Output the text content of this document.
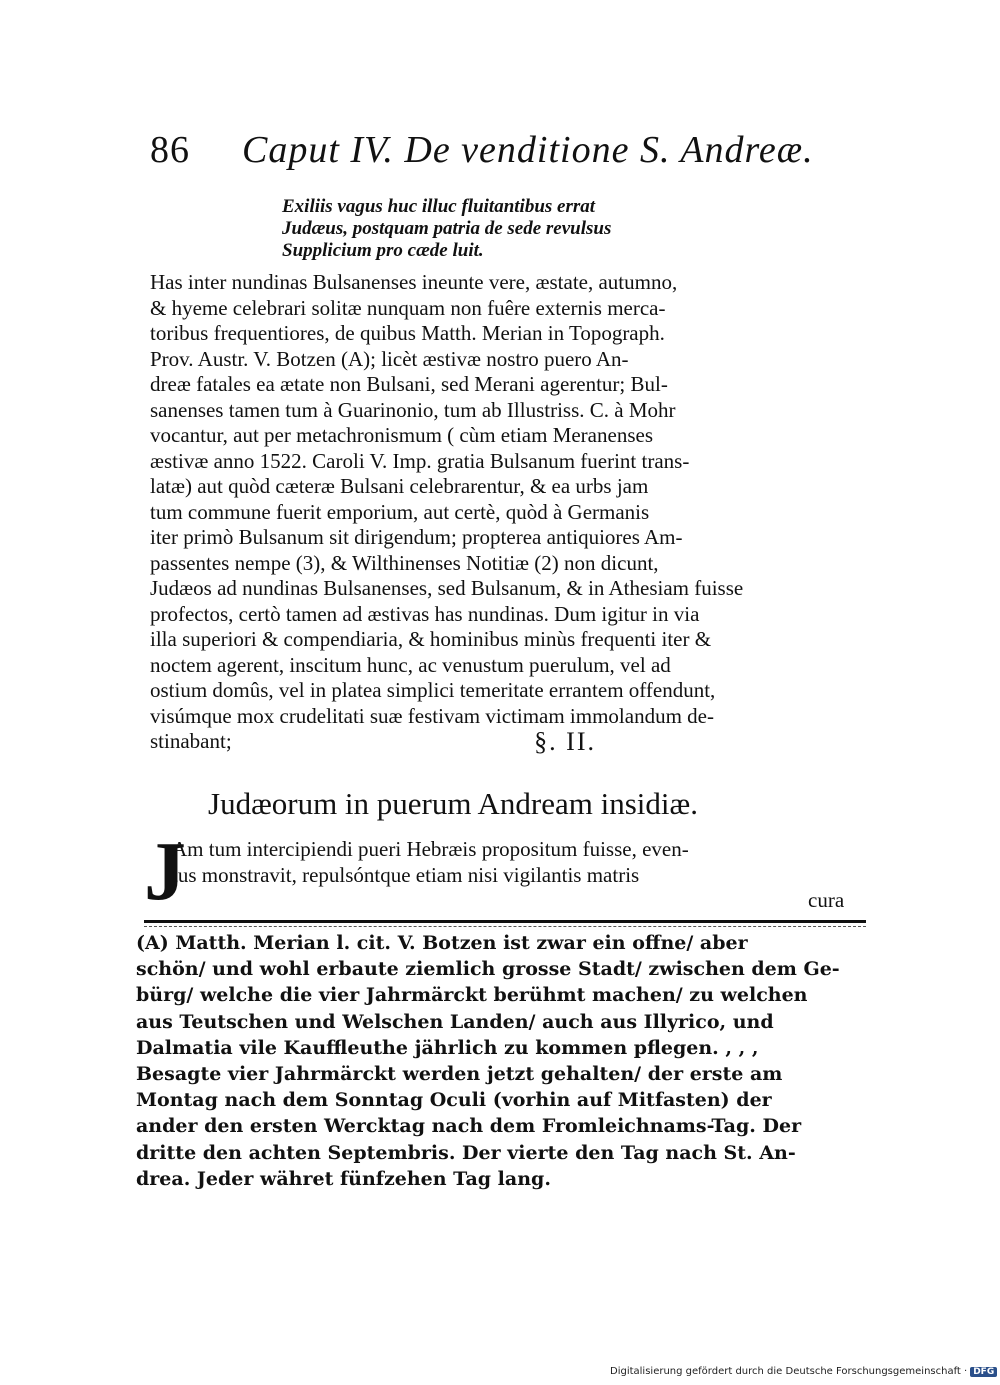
86 Caput IV. De venditione S. Andreæ.
Exiliis vagus huc illuc fluitantibus errat
Judæus, postquam patria de sede revulsus
Supplicium pro cæde luit.
Has inter nundinas Bulsanenses ineunte vere, æstate, autumno,
& hyeme celebrari solitæ nunquam non fuêre externis merca-
toribus frequentiores, de quibus Matth. Merian in Topograph.
Prov. Austr. V. Botzen (A); licèt æstivæ nostro puero An-
dreæ fatales ea ætate non Bulsani, sed Merani agerentur; Bul-
sanenses tamen tum à Guarinonio, tum ab Illustriss. C. à Mohr
vocantur, aut per metachronismum ( cùm etiam Meranenses
æstivæ anno 1522. Caroli V. Imp. gratia Bulsanum fuerint trans-
latæ) aut quòd cæteræ Bulsani celebrarentur, & ea urbs jam
tum commune fuerit emporium, aut certè, quòd à Germanis
iter primò Bulsanum sit dirigendum; propterea antiquiores Am-
passentes nempe (3), & Wilthinenses Notitiæ (2) non dicunt,
Judæos ad nundinas Bulsanenses, sed Bulsanum, & in Athesiam fuisse
profectos, certò tamen ad æstivas has nundinas. Dum igitur in via
illa superiori & compendiaria, & hominibus minùs frequenti iter &
noctem agerent, inscitum hunc, ac venustum puerulum, vel ad
ostium domûs, vel in platea simplici temeritate errantem offendunt,
visúmque mox crudelitati suæ festivam victimam immolandum de-
stinabant;	§. II.
Judæorum in puerum Andream insidiæ.
J
Am tum intercipiendi pueri Hebræis propositum fuisse, even-
tus monstravit, repulsóntque etiam nisi vigilantis matris
cura
(A) Matth. Merian l. cit. V. Botzen ist zwar ein offne/ aber
schön/ und wohl erbaute ziemlich grosse Stadt/ zwischen dem Ge-
bürg/ welche die vier Jahrmärckt berühmt machen/ zu welchen
aus Teutschen und Welschen Landen/ auch aus Illyrico, und
Dalmatia vile Kauffleuthe jährlich zu kommen pflegen. , , ,
Besagte vier Jahrmärckt werden jetzt gehalten/ der erste am
Montag nach dem Sonntag Oculi (vorhin auf Mitfasten) der
ander den ersten Wercktag nach dem Fromleichnams-Tag. Der
dritte den achten Septembris. Der vierte den Tag nach St. An-
drea. Jeder währet fünfzehen Tag lang.
Digitalisierung gefördert durch die Deutsche Forschungsgemeinschaft · DFG
